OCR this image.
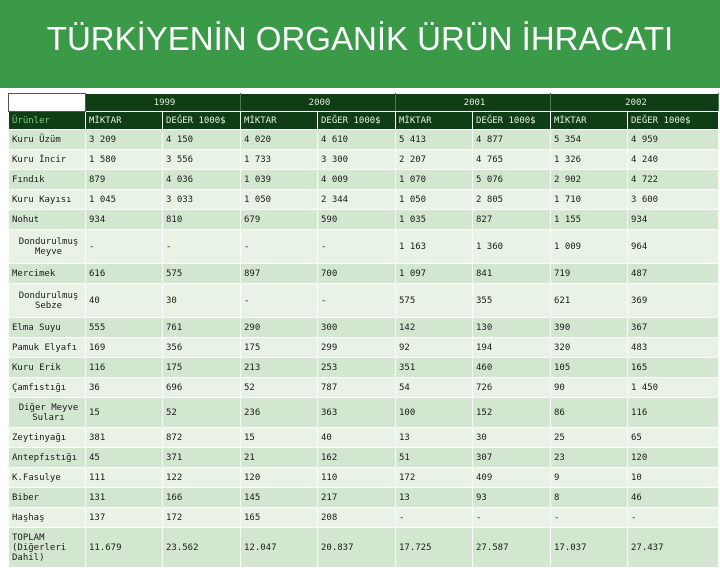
TÜRKİYENİN ORGANİK ÜRÜN İHRACATI
	1999		2000		2001		2002	
Ürünler	MİKTAR	DEĞER 1000$	MİKTAR	DEĞER 1000$	MİKTAR	DEĞER 1000$	MİKTAR	DEĞER 1000$
Kuru Üzüm	3 209	4 150	4 020	4 610	5 413	4 877	5 354	4 959
Kuru İncir	1 580	3 556	1 733	3 300	2 207	4 765	1 326	4 240
Fındık	879	4 036	1 039	4 009	1 070	5 076	2 902	4 722
Kuru Kayısı	1 045	3 033	1 050	2 344	1 050	2 805	1 710	3 600
Nohut	934	810	679	590	1 035	827	1 155	934
Dondurulmuş Meyve	-	-	-	-	1 163	1 360	1 009	964
Mercimek	616	575	897	700	1 097	841	719	487
Dondurulmuş Sebze	40	30	-	-	575	355	621	369
Elma Suyu	555	761	290	300	142	130	390	367
Pamuk Elyafı	169	356	175	299	92	194	320	483
Kuru Erik	116	175	213	253	351	460	105	165
Çamfıstığı	36	696	52	787	54	726	90	1 450
Diğer Meyve Suları	15	52	236	363	100	152	86	116
Zeytinyağı	381	872	15	40	13	30	25	65
Antepfıstığı	45	371	21	162	51	307	23	120
K.Fasulye	111	122	120	110	172	409	9	10
Biber	131	166	145	217	13	93	8	46
Haşhaş	137	172	165	208	-	-	-	-
TOPLAM (Diğerleri Dahil)	11.679	23.562	12.047	20.837	17.725	27.587	17.037	27.437
